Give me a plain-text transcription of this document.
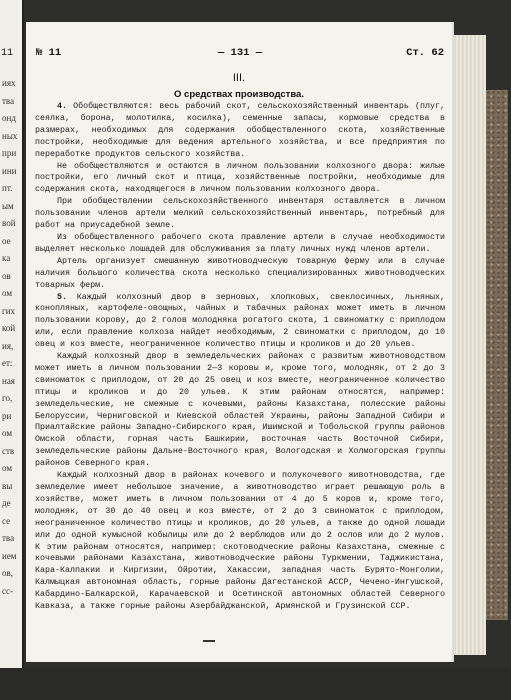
11
иях
тва
онд
ных
при
ини
пт.
ым
вой
ое
ка
ов
ом
гих
кой
ия,
ет:
ная
го,
ри
ом
ств
ом
вы
де
се
тва
ием
ов,
сс-
№ 11	— 131 —	Ст. 62
III.
О средствах производства.

4. Обобществляются: весь рабочий скот, сельскохозяйственный инвентарь (плуг, сеялка, борона, молотилка, косилка), семенные запасы, кормовые средства в размерах, необходимых для содержания обобществленного скота, хозяйственные постройки, необходимые для ведения артельного хозяйства, и все предприятия по переработке продуктов сельского хозяйства.

Не обобществляются и остаются в личном пользовании колхозного двора: жилые постройки, его личный скот и птица, хозяйственные постройки, необходимые для содержания скота, находящегося в личном пользовании колхозного двора.

При обобществлении сельскохозяйственного инвентаря оставляется в личном пользовании членов артели мелкий сельскохозяйственный инвентарь, потребный для работ на приусадебной земле.

Из обобществленного рабочего скота правление артели в случае необходимости выделяет несколько лошадей для обслуживания за плату личных нужд членов артели.

Артель организует смешанную животноводческую товарную ферму или в случае наличия большого количества скота несколько специализированных животноводческих товарных ферм.

5. Каждый колхозный двор в зерновых, хлопковых, свеклосичных, льняных, конопляных, картофеле-овощных, чайных и табачных районах может иметь в личном пользовании корову, до 2 голов молодняка рогатого скота, 1 свиноматку с приплодом или, если правление колхоза найдет необходимым, 2 свиноматки с приплодом, до 10 овец и коз вместе, неограниченное количество птицы и кроликов и до 20 ульев.

Каждый колхозный двор в земледельческих районах с развитым животноводством может иметь в личном пользовании 2—3 коровы и, кроме того, молодняк, от 2 до 3 свиноматок с приплодом, от 20 до 25 овец и коз вместе, неограниченное количество птицы и кроликов и до 20 ульев. К этим районам относятся, например: земледельческие, не смежные с кочевыми, районы Казахстана, полесские районы Белоруссии, Черниговской и Киевской областей Украины, районы Западной Сибири и Приалтайские районы Западно-Сибирского края, Ишимской и Тобольской группы районов Омской области, горная часть Башкирии, восточная часть Восточной Сибири, земледельческие районы Дальне-Восточного края, Вологодская и Холмогорская группы районов Северного края.

Каждый колхозный двор в районах кочевого и полукочевого животноводства, где земледелие имеет небольшое значение, а животноводство играет решающую роль в хозяйстве, может иметь в личном пользовании от 4 до 5 коров и, кроме того, молодняк, от 30 до 40 овец и коз вместе, от 2 до 3 свиноматок с приплодом, неограниченное количество птицы и кроликов, до 20 ульев, а также до одной лошади или до одной кумысной кобылицы или до 2 верблюдов или до 2 ослов или до 2 мулов. К этим районам относятся, например: скотоводческие районы Казахстана, смежные с кочевыми районами Казахстана, животноводческие районы Туркмении, Таджикистана, Кара-Калпакии и Киргизии, Ойротии, Хакассии, западная часть Бурято-Монголии, Калмыцкая автономная область, горные районы Дагестанской АССР, Чечено-Ингушской, Кабардино-Балкарской, Карачаевской и Осетинской автономных областей Северного Кавказа, а также горные районы Азербайджанской, Армянской и Грузинской ССР.
